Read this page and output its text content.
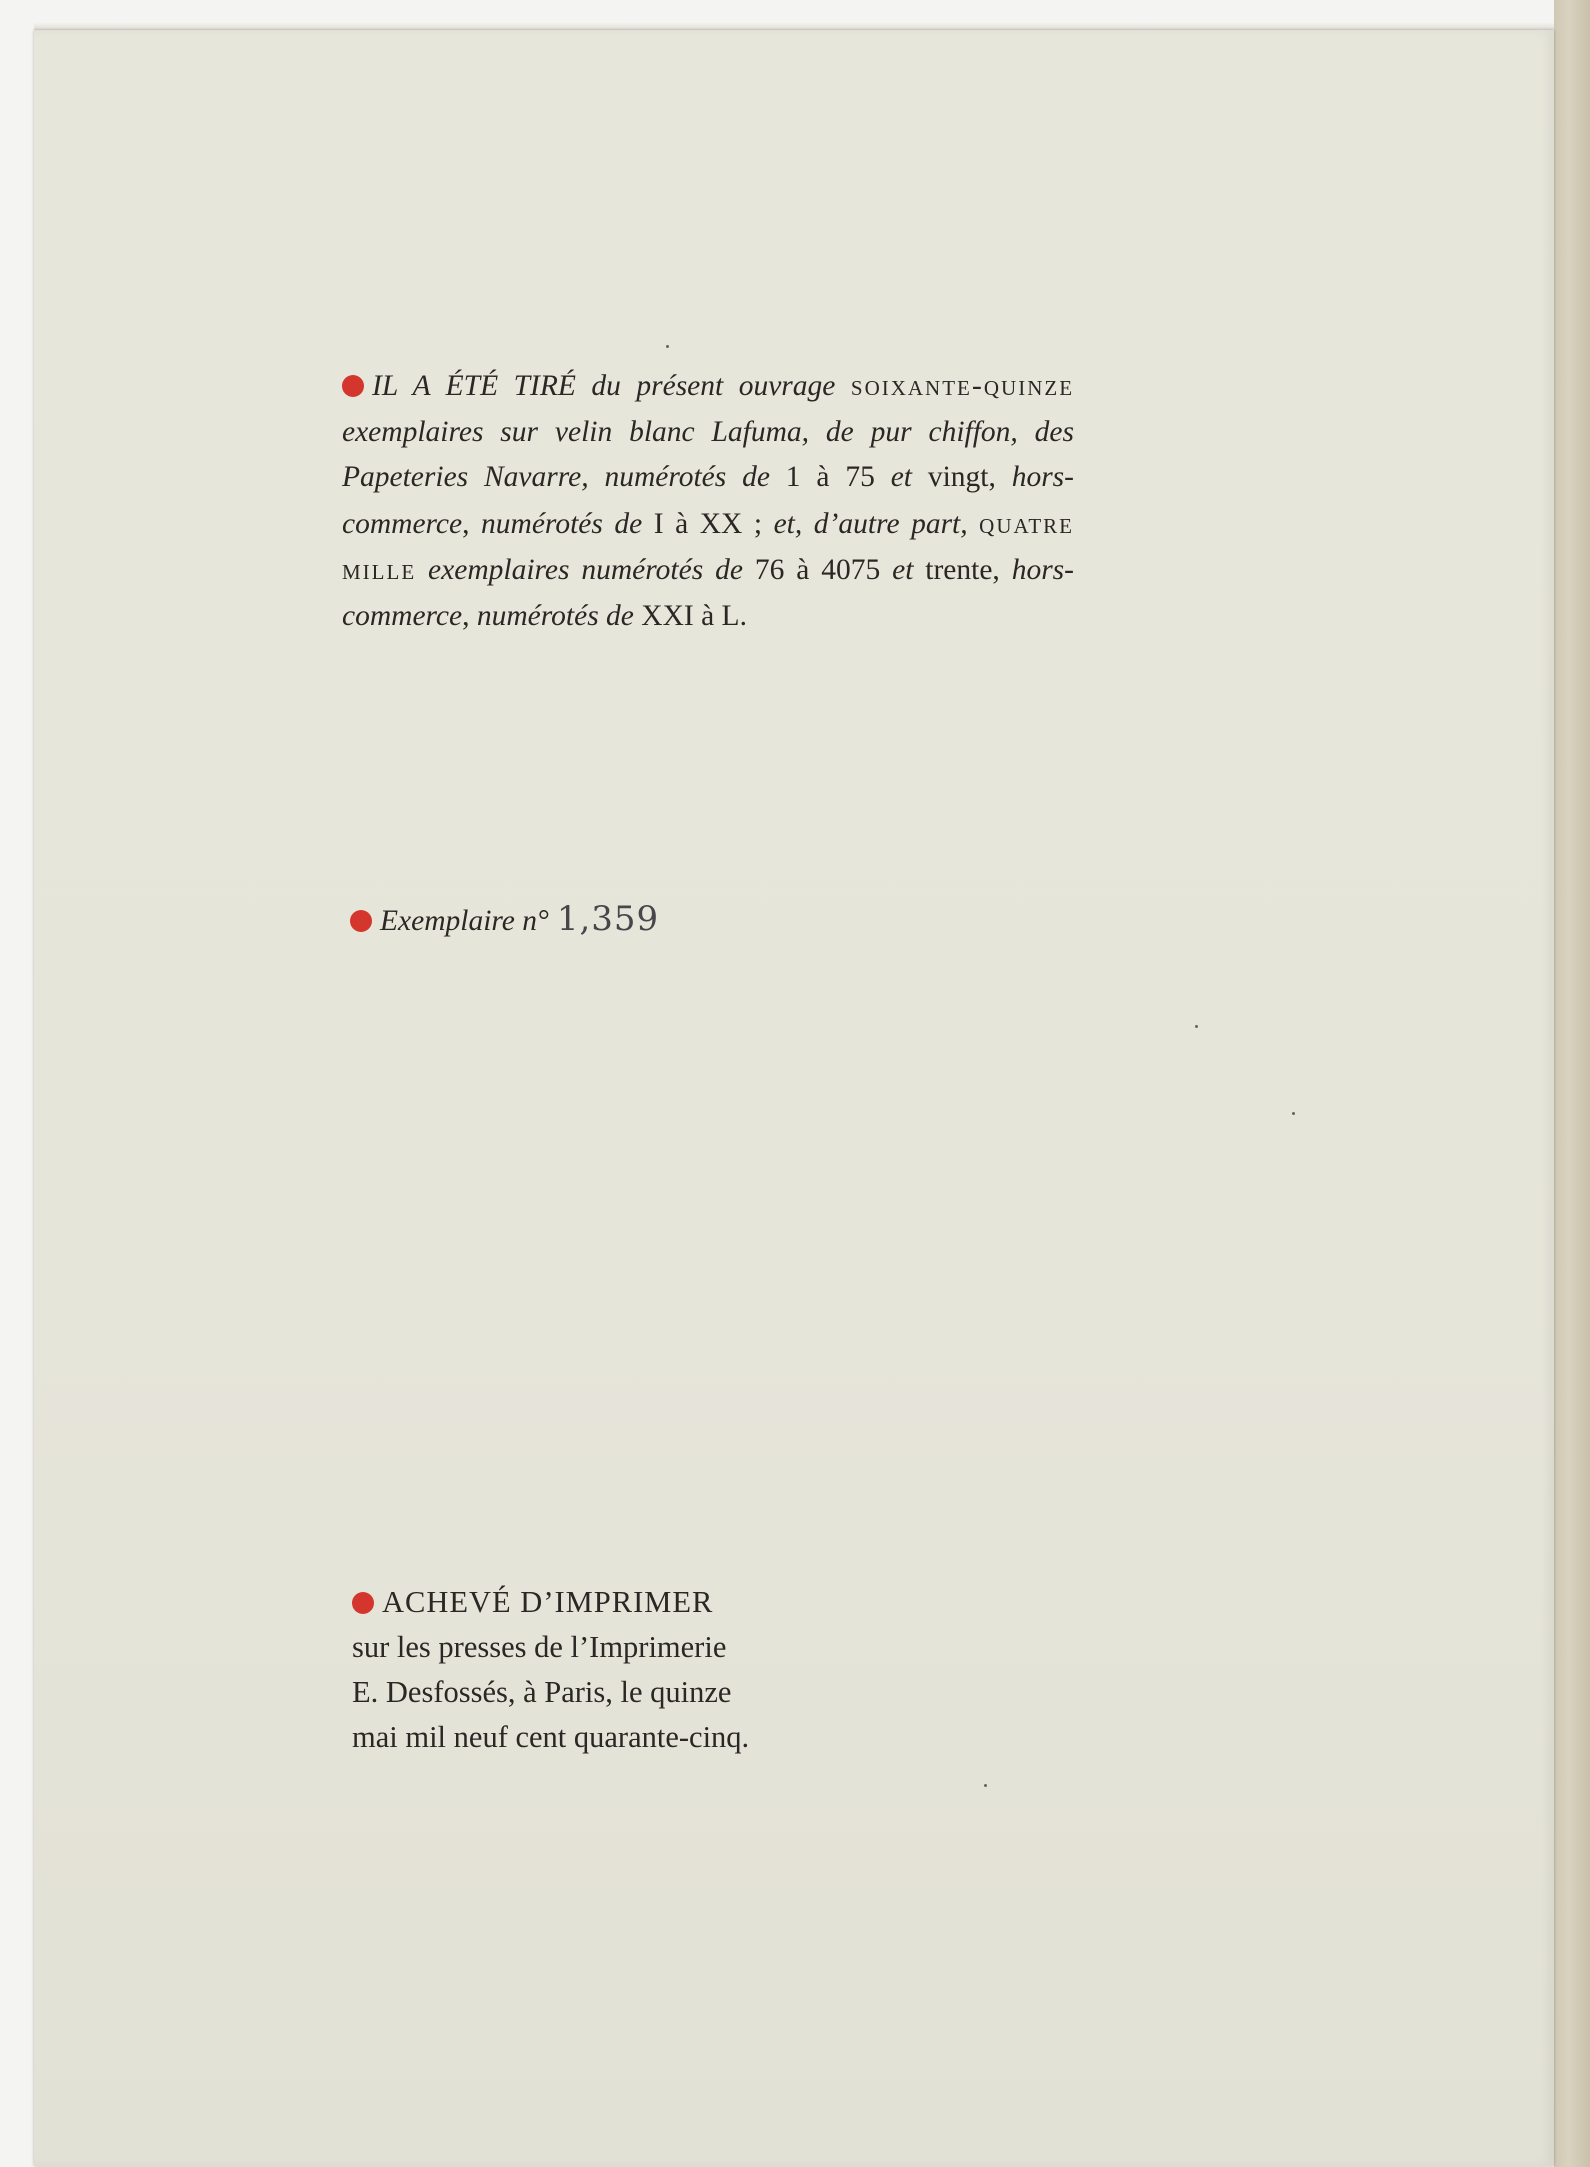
IL A ÉTÉ TIRÉ du présent ouvrage soixante-quinze exemplaires sur velin blanc Lafuma, de pur chiffon, des Papeteries Navarre, numérotés de 1 à 75 et vingt, hors-commerce, numérotés de I à XX ; et, d’autre part, quatre mille exemplaires numérotés de 76 à 4075 et trente, hors-commerce, numérotés de XXI à L.

Exemplaire n° 1,359
ACHEVÉ D’IMPRIMER
sur les presses de l’Imprimerie
E. Desfossés, à Paris, le quinze
mai mil neuf cent quarante-cinq.
